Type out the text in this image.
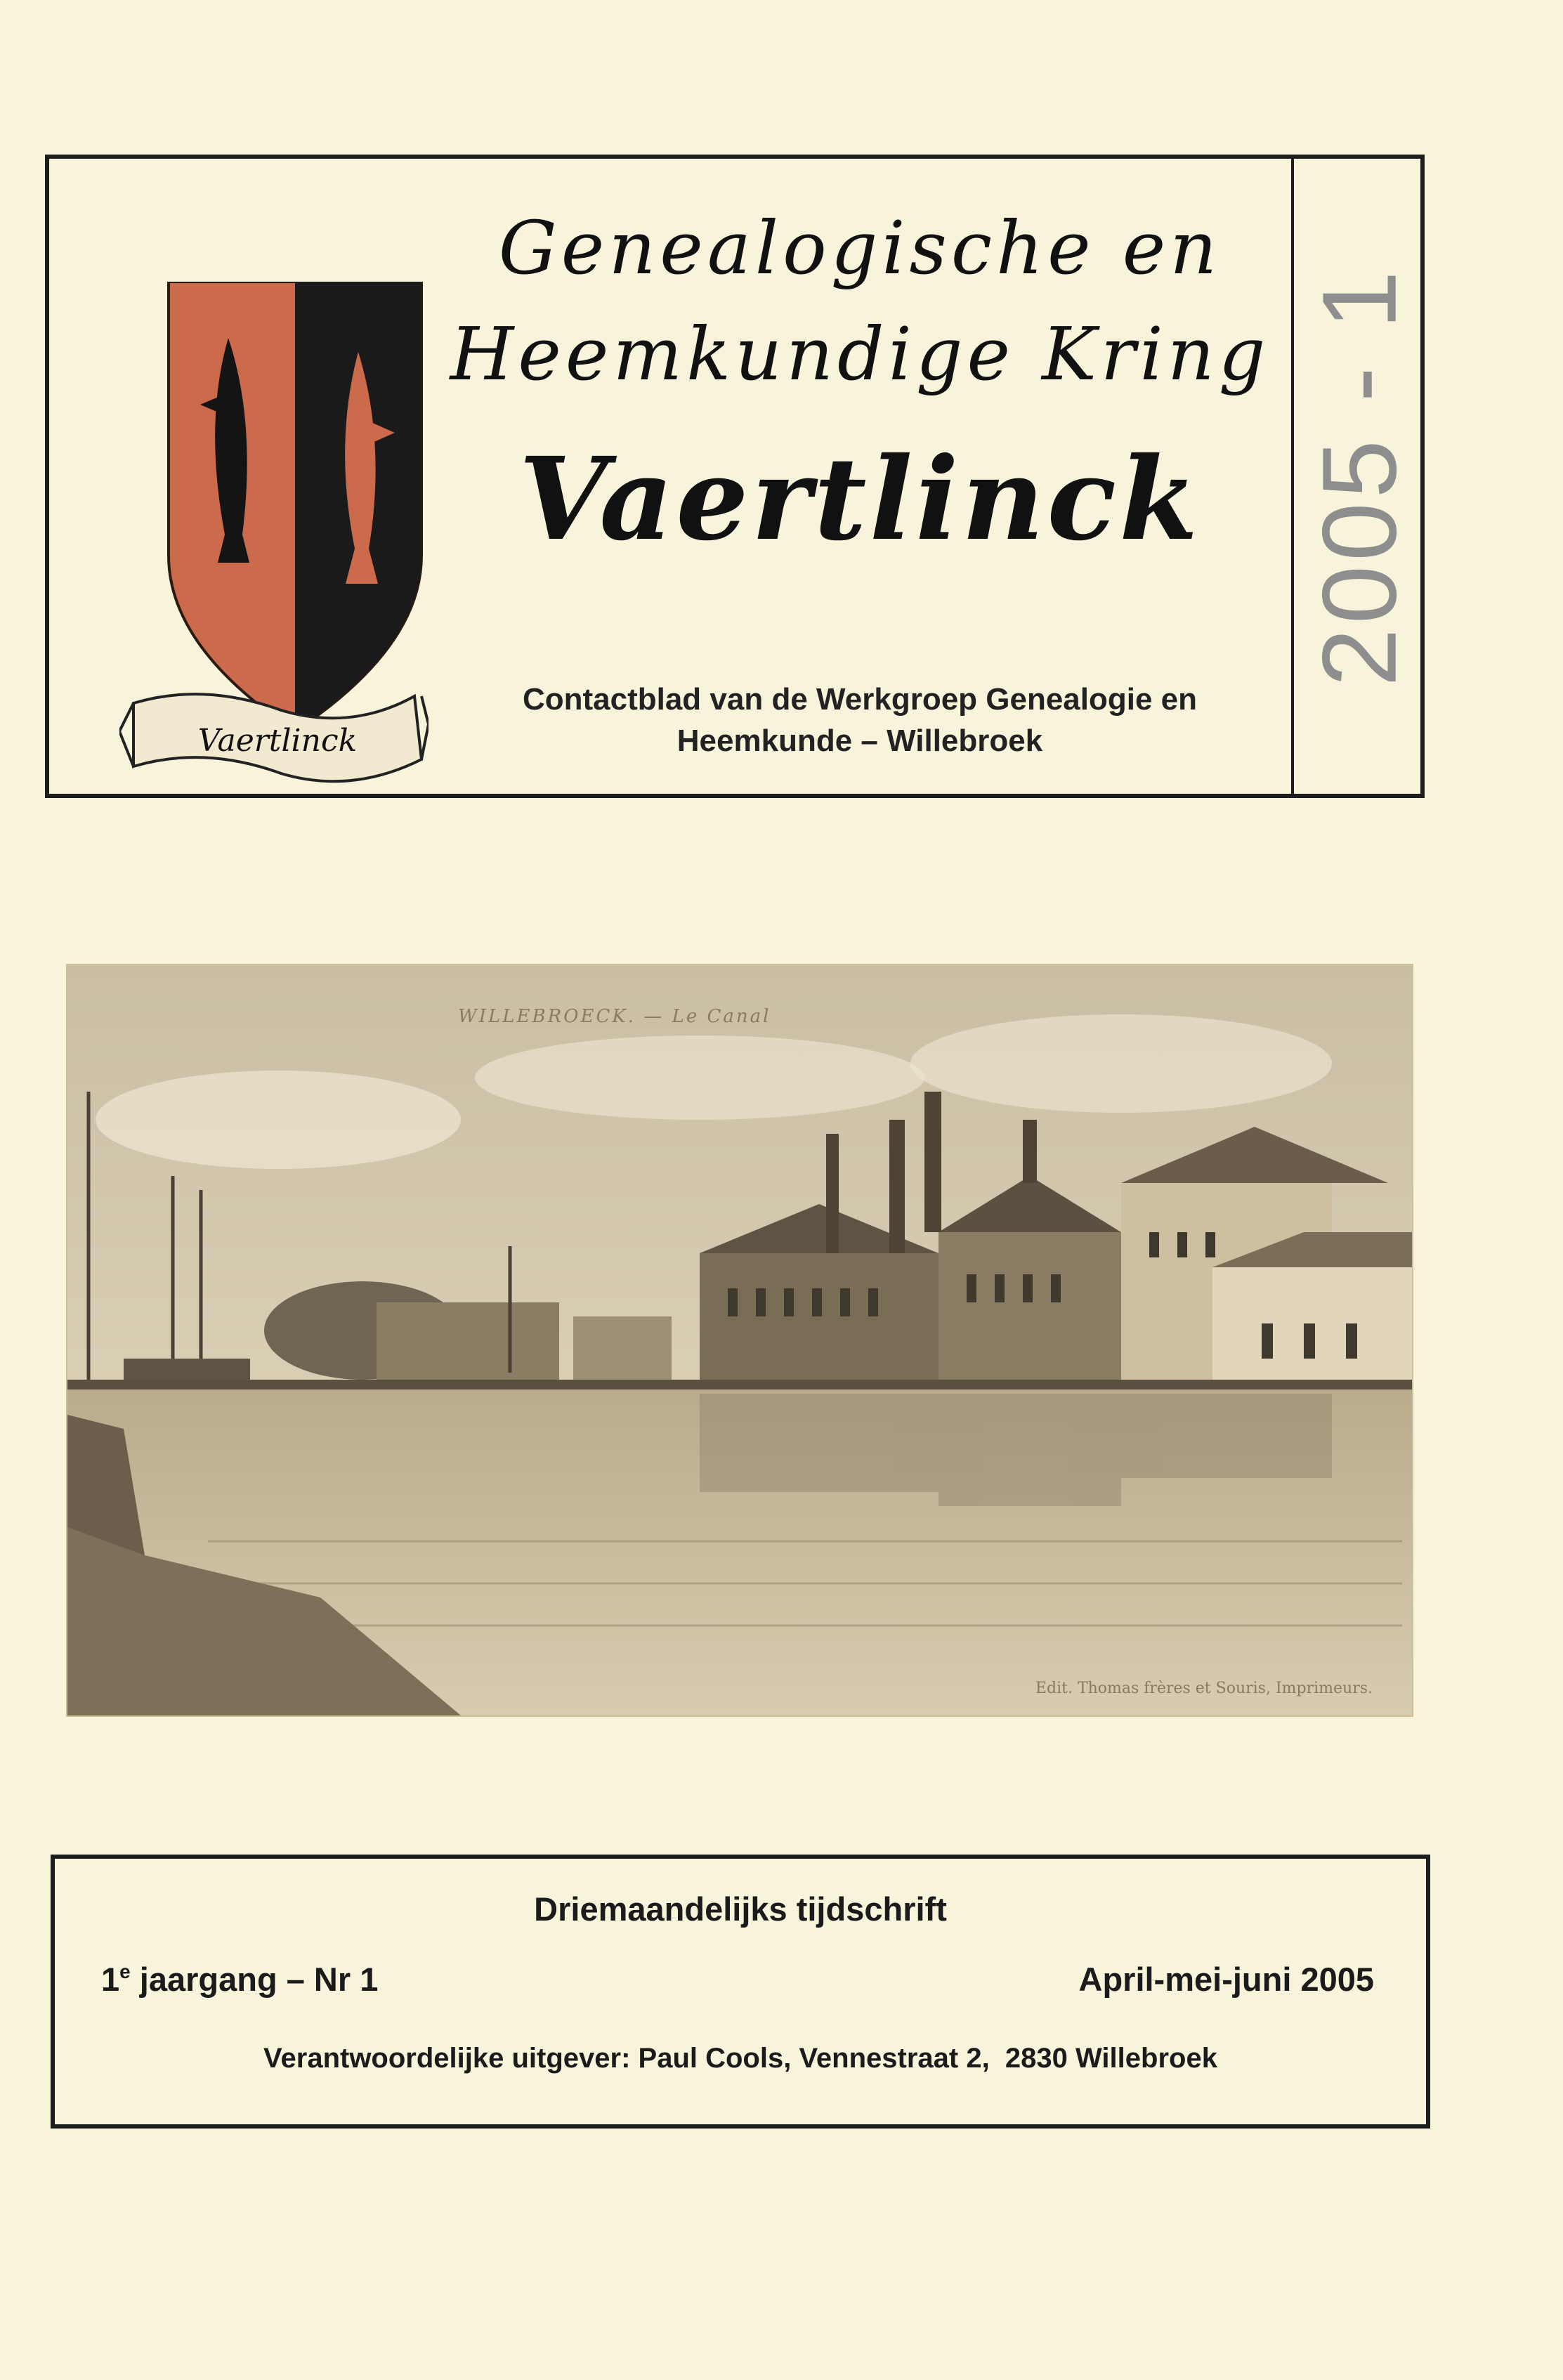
Vaertlinck
Genealogische en
Heemkundige Kring
Vaertlinck
Contactblad van de Werkgroep Genealogie en
Heemkunde – Willebroek
2005 - 1
WILLEBROECK. — Le Canal
Edit. Thomas frères et Souris, Imprimeurs.
Driemaandelijks tijdschrift
1e jaargang – Nr 1	April-mei-juni 2005
Verantwoordelijke uitgever: Paul Cools, Vennestraat 2,  2830 Willebroek
